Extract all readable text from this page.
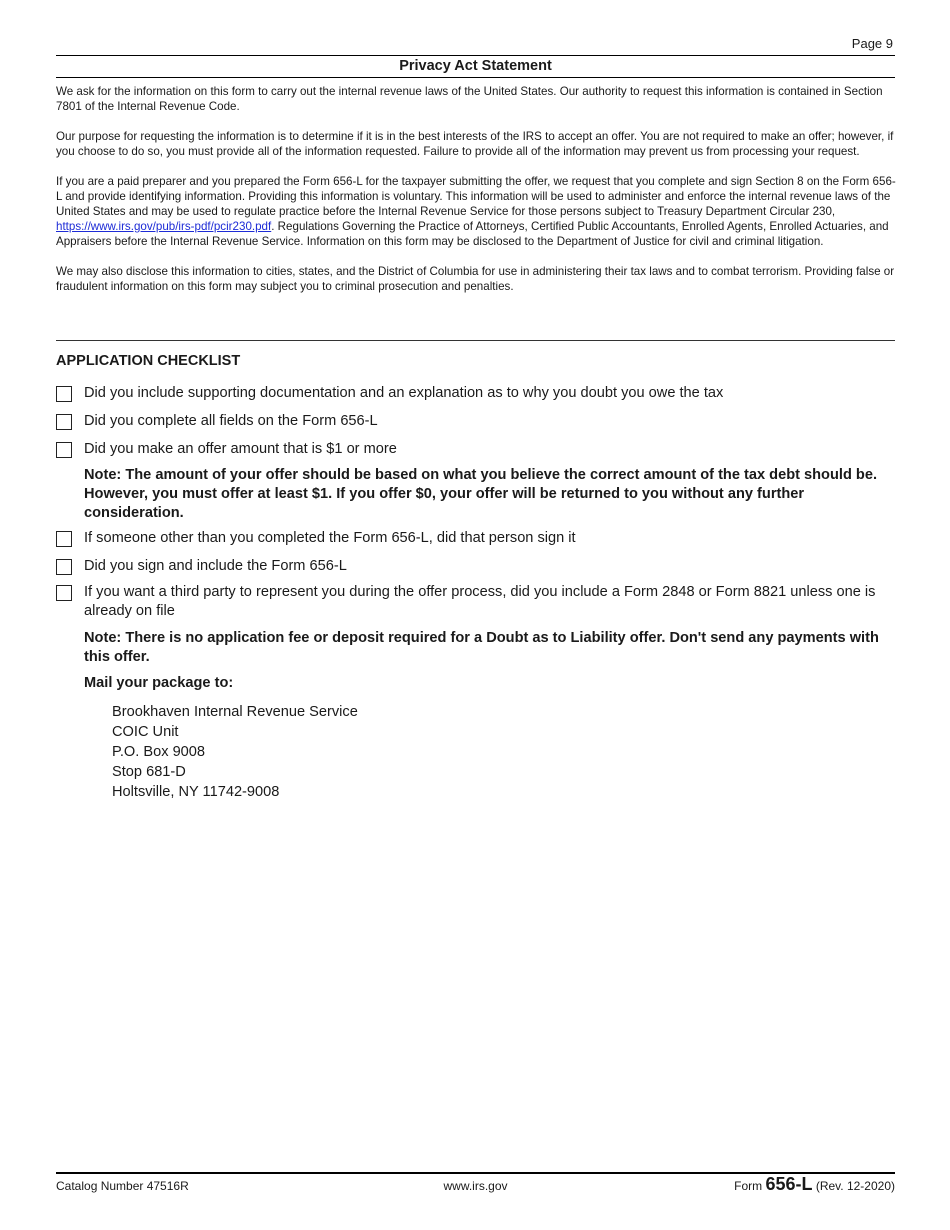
Page 9
Privacy Act Statement

We ask for the information on this form to carry out the internal revenue laws of the United States. Our authority to request this information is contained in Section 7801 of the Internal Revenue Code.

Our purpose for requesting the information is to determine if it is in the best interests of the IRS to accept an offer. You are not required to make an offer; however, if you choose to do so, you must provide all of the information requested. Failure to provide all of the information may prevent us from processing your request.

If you are a paid preparer and you prepared the Form 656-L for the taxpayer submitting the offer, we request that you complete and sign Section 8 on the Form 656-L and provide identifying information. Providing this information is voluntary. This information will be used to administer and enforce the internal revenue laws of the United States and may be used to regulate practice before the Internal Revenue Service for those persons subject to Treasury Department Circular 230, https://www.irs.gov/pub/irs-pdf/pcir230.pdf. Regulations Governing the Practice of Attorneys, Certified Public Accountants, Enrolled Agents, Enrolled Actuaries, and Appraisers before the Internal Revenue Service. Information on this form may be disclosed to the Department of Justice for civil and criminal litigation.

We may also disclose this information to cities, states, and the District of Columbia for use in administering their tax laws and to combat terrorism. Providing false or fraudulent information on this form may subject you to criminal prosecution and penalties.

APPLICATION CHECKLIST
Did you include supporting documentation and an explanation as to why you doubt you owe the tax
Did you complete all fields on the Form 656-L
Did you make an offer amount that is $1 or more
Note: The amount of your offer should be based on what you believe the correct amount of the tax debt should be. However, you must offer at least $1. If you offer $0, your offer will be returned to you without any further consideration.
If someone other than you completed the Form 656-L, did that person sign it
Did you sign and include the Form 656-L
If you want a third party to represent you during the offer process, did you include a Form 2848 or Form 8821 unless one is already on file
Note: There is no application fee or deposit required for a Doubt as to Liability offer. Don't send any payments with this offer.
Mail your package to:
Brookhaven Internal Revenue Service
COIC Unit
P.O. Box 9008
Stop 681-D
Holtsville, NY 11742-9008
Catalog Number 47516R	www.irs.gov	Form 656-L (Rev. 12-2020)
